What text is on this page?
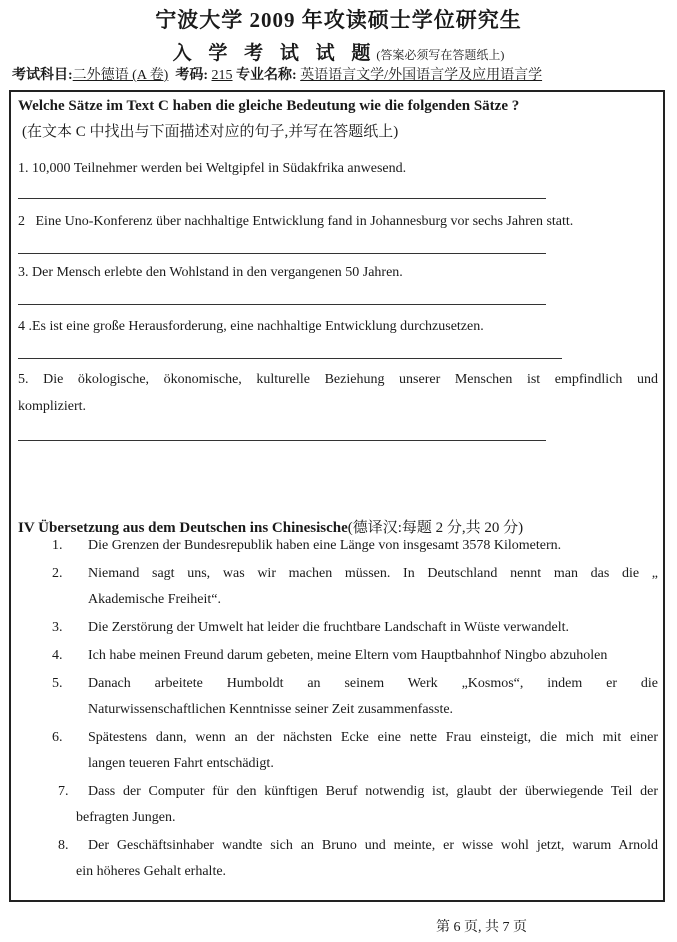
宁波大学 2009 年攻读硕士学位研究生
入 学 考 试 试 题(答案必须写在答题纸上)
考试科目:二外德语 (A 卷) 考码: 215 专业名称: 英语语言文学/外国语言学及应用语言学
Welche Sätze im Text C haben die gleiche Bedeutung wie die folgenden Sätze ?
(在文本 C 中找出与下面描述对应的句子,并写在答题纸上)
1. 10,000 Teilnehmer werden bei Weltgipfel in Südakfrika anwesend.
2   Eine Uno-Konferenz über nachhaltige Entwicklung fand in Johannesburg vor sechs Jahren statt.
3. Der Mensch erlebte den Wohlstand in den vergangenen 50 Jahren.
4 .Es ist eine große Herausforderung, eine nachhaltige Entwicklung durchzusetzen.
5. Die ökologische, ökonomische, kulturelle Beziehung unserer Menschen ist empfindlich und
kompliziert.
IV Übersetzung aus dem Deutschen ins Chinesische(德译汉:每题 2 分,共 20 分)
1. Die Grenzen der Bundesrepublik haben eine Länge von insgesamt 3578 Kilometern.
2. Niemand sagt uns, was wir machen müssen. In Deutschland nennt man das die „
Akademische Freiheit“.
3. Die Zerstörung der Umwelt hat leider die fruchtbare Landschaft in Wüste verwandelt.
4. Ich habe meinen Freund darum gebeten, meine Eltern vom Hauptbahnhof Ningbo abzuholen
5. Danach arbeitete Humboldt an seinem Werk „Kosmos“, indem er die
Naturwissenschaftlichen Kenntnisse seiner Zeit zusammenfasste.
6. Spätestens dann, wenn an der nächsten Ecke eine nette Frau einsteigt, die mich mit einer
langen teueren Fahrt entschädigt.
7. Dass der Computer für den künftigen Beruf notwendig ist, glaubt der überwiegende Teil der
befragten Jungen.
8. Der Geschäftsinhaber wandte sich an Bruno und meinte, er wisse wohl jetzt, warum Arnold
ein höheres Gehalt erhalte.
第 6 页, 共 7 页
